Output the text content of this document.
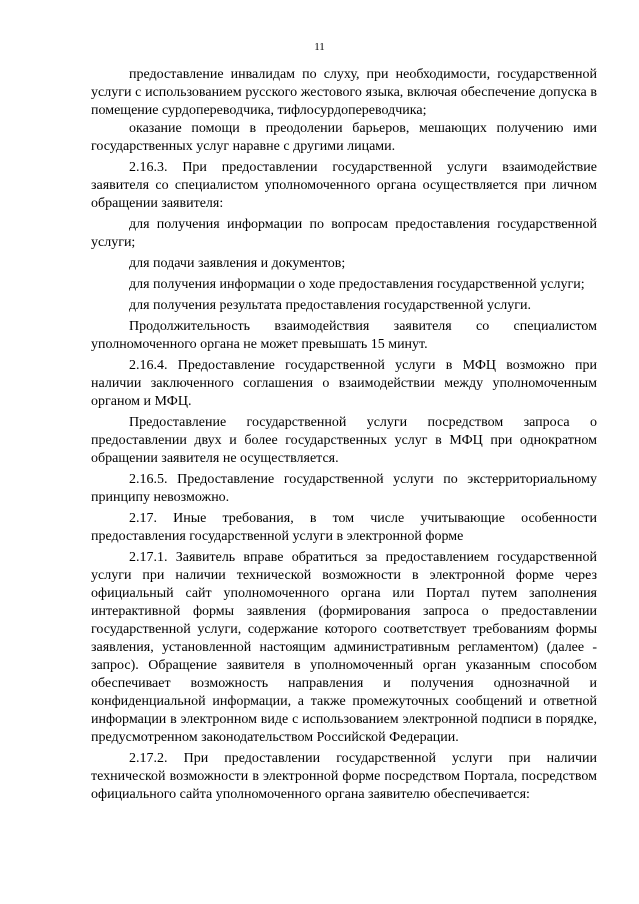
11

предоставление инвалидам по слуху, при необходимости, государственной услуги с использованием русского жестового языка, включая обеспечение допуска в помещение сурдопереводчика, тифлосурдопереводчика;

оказание помощи в преодолении барьеров, мешающих получению ими государственных услуг наравне с другими лицами.

2.16.3. При предоставлении государственной услуги взаимодействие заявителя со специалистом уполномоченного органа осуществляется при личном обращении заявителя:

для получения информации по вопросам предоставления государственной услуги;

для подачи заявления и документов;

для получения информации о ходе предоставления государственной услуги;

для получения результата предоставления государственной услуги.

Продолжительность взаимодействия заявителя со специалистом уполномоченного органа не может превышать 15 минут.

2.16.4. Предоставление государственной услуги в МФЦ возможно при наличии заключенного соглашения о взаимодействии между уполномоченным органом и МФЦ.

Предоставление государственной услуги посредством запроса о предоставлении двух и более государственных услуг в МФЦ при однократном обращении заявителя не осуществляется.

2.16.5. Предоставление государственной услуги по экстерриториальному принципу невозможно.

2.17. Иные требования, в том числе учитывающие особенности предоставления государственной услуги в электронной форме

2.17.1. Заявитель вправе обратиться за предоставлением государственной услуги при наличии технической возможности в электронной форме через официальный сайт уполномоченного органа или Портал путем заполнения интерактивной формы заявления (формирования запроса о предоставлении государственной услуги, содержание которого соответствует требованиям формы заявления, установленной настоящим административным регламентом) (далее - запрос). Обращение заявителя в уполномоченный орган указанным способом обеспечивает возможность направления и получения однозначной и конфиденциальной информации, а также промежуточных сообщений и ответной информации в электронном виде с использованием электронной подписи в порядке, предусмотренном законодательством Российской Федерации.

2.17.2. При предоставлении государственной услуги при наличии технической возможности в электронной форме посредством Портала, посредством официального сайта уполномоченного органа заявителю обеспечивается:
